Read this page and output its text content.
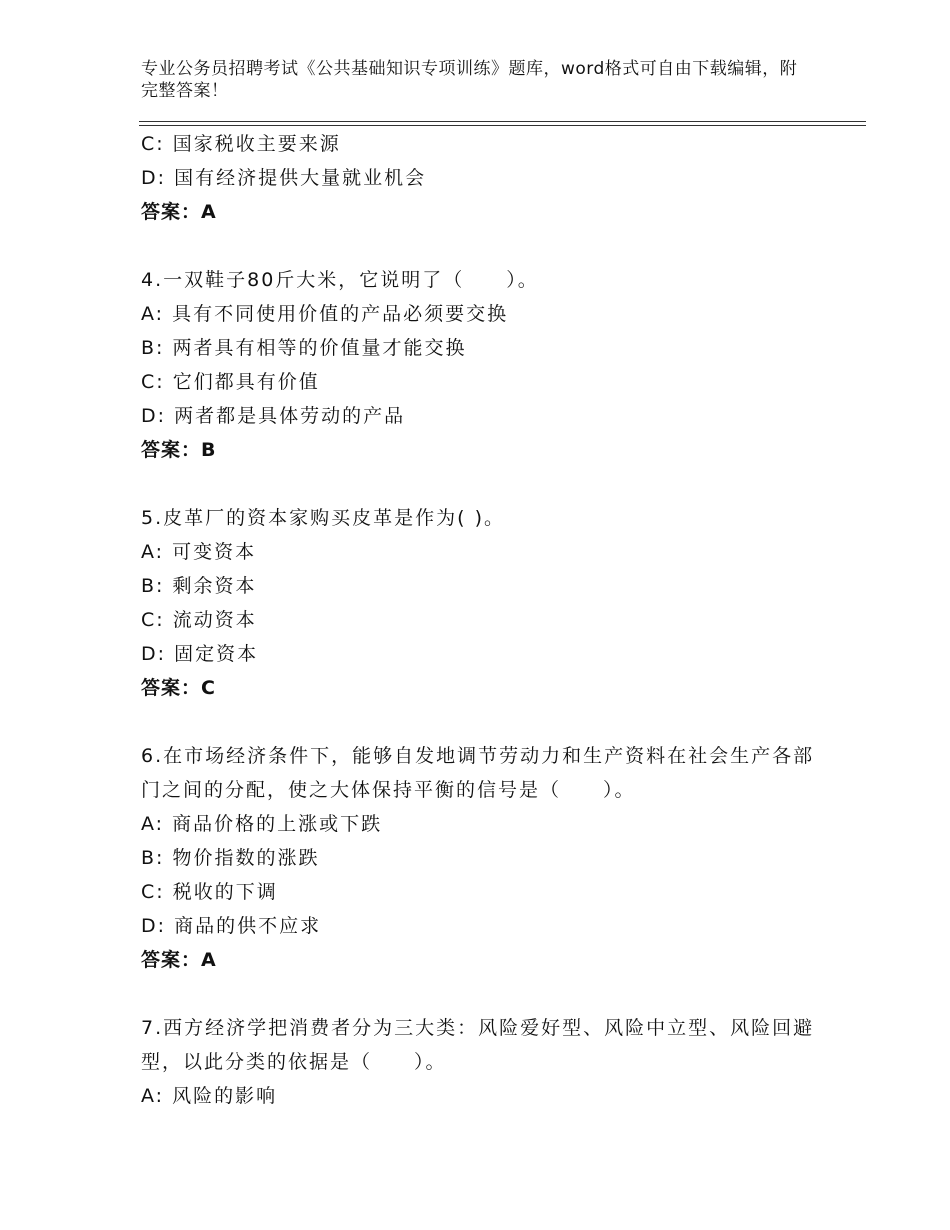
专业公务员招聘考试《公共基础知识专项训练》题库，word格式可自由下载编辑，附完整答案！
C: 国家税收主要来源
D: 国有经济提供大量就业机会
答案：A
4.一双鞋子80斤大米，它说明了（　　）。
A: 具有不同使用价值的产品必须要交换
B: 两者具有相等的价值量才能交换
C: 它们都具有价值
D: 两者都是具体劳动的产品
答案：B
5.皮革厂的资本家购买皮革是作为( )。
A: 可变资本
B: 剩余资本
C: 流动资本
D: 固定资本
答案：C
6.在市场经济条件下，能够自发地调节劳动力和生产资料在社会生产各部门之间的分配，使之大体保持平衡的信号是（　　）。
A: 商品价格的上涨或下跌
B: 物价指数的涨跌
C: 税收的下调
D: 商品的供不应求
答案：A
7.西方经济学把消费者分为三大类：风险爱好型、风险中立型、风险回避型，以此分类的依据是（　　）。
A: 风险的影响
